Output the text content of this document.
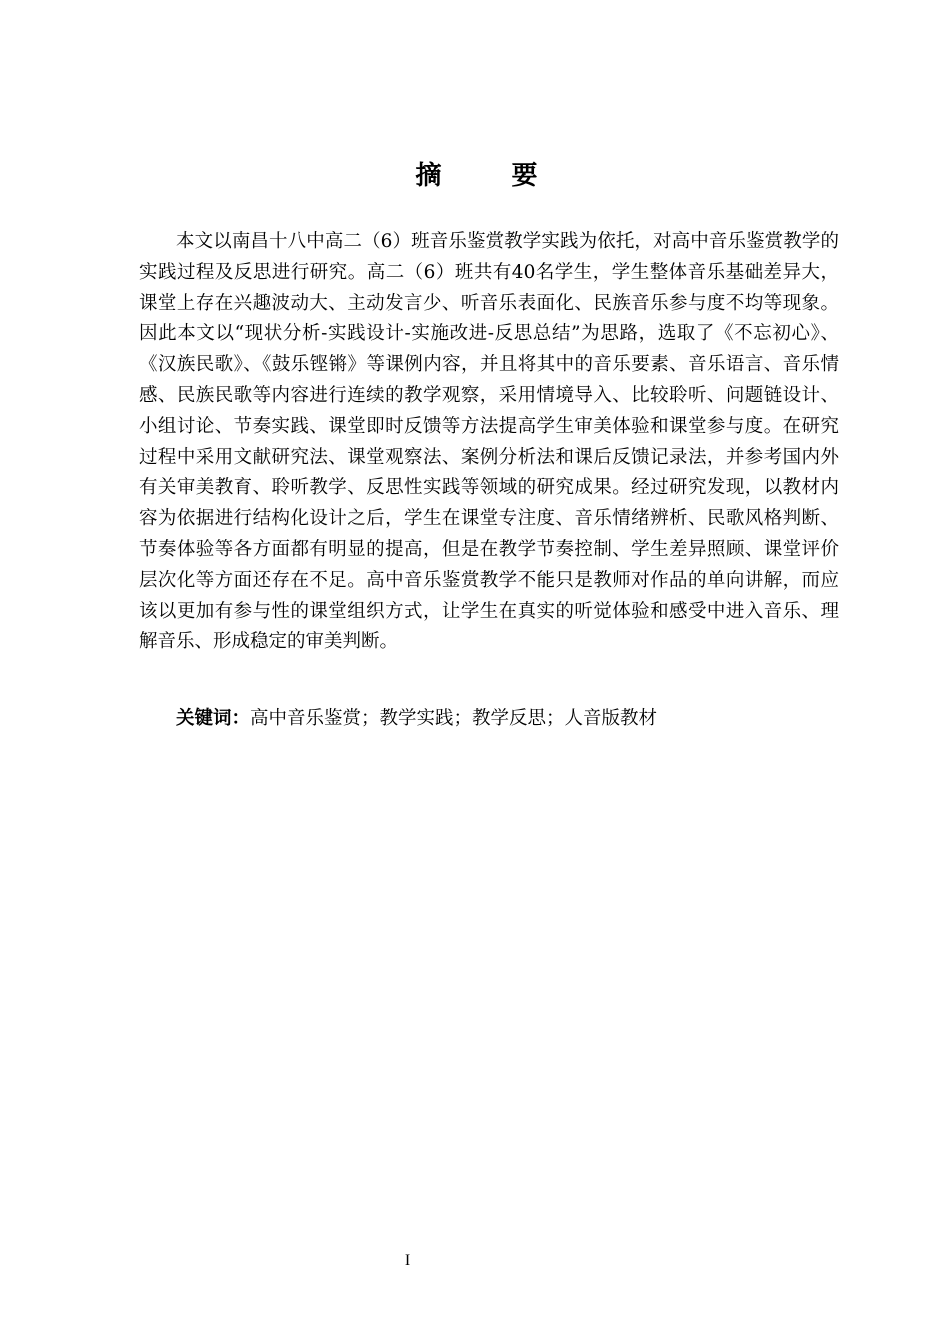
摘　要

本文以南昌十八中高二（6）班音乐鉴赏教学实践为依托，对高中音乐鉴赏教学的实践过程及反思进行研究。高二（6）班共有40名学生，学生整体音乐基础差异大，课堂上存在兴趣波动大、主动发言少、听音乐表面化、民族音乐参与度不均等现象。因此本文以“现状分析-实践设计-实施改进-反思总结”为思路，选取了《不忘初心》、《汉族民歌》、《鼓乐铿锵》等课例内容，并且将其中的音乐要素、音乐语言、音乐情感、民族民歌等内容进行连续的教学观察，采用情境导入、比较聆听、问题链设计、小组讨论、节奏实践、课堂即时反馈等方法提高学生审美体验和课堂参与度。在研究过程中采用文献研究法、课堂观察法、案例分析法和课后反馈记录法，并参考国内外有关审美教育、聆听教学、反思性实践等领域的研究成果。经过研究发现，以教材内容为依据进行结构化设计之后，学生在课堂专注度、音乐情绪辨析、民歌风格判断、节奏体验等各方面都有明显的提高，但是在教学节奏控制、学生差异照顾、课堂评价层次化等方面还存在不足。高中音乐鉴赏教学不能只是教师对作品的单向讲解，而应该以更加有参与性的课堂组织方式，让学生在真实的听觉体验和感受中进入音乐、理解音乐、形成稳定的审美判断。

关键词：高中音乐鉴赏；教学实践；教学反思；人音版教材
I
